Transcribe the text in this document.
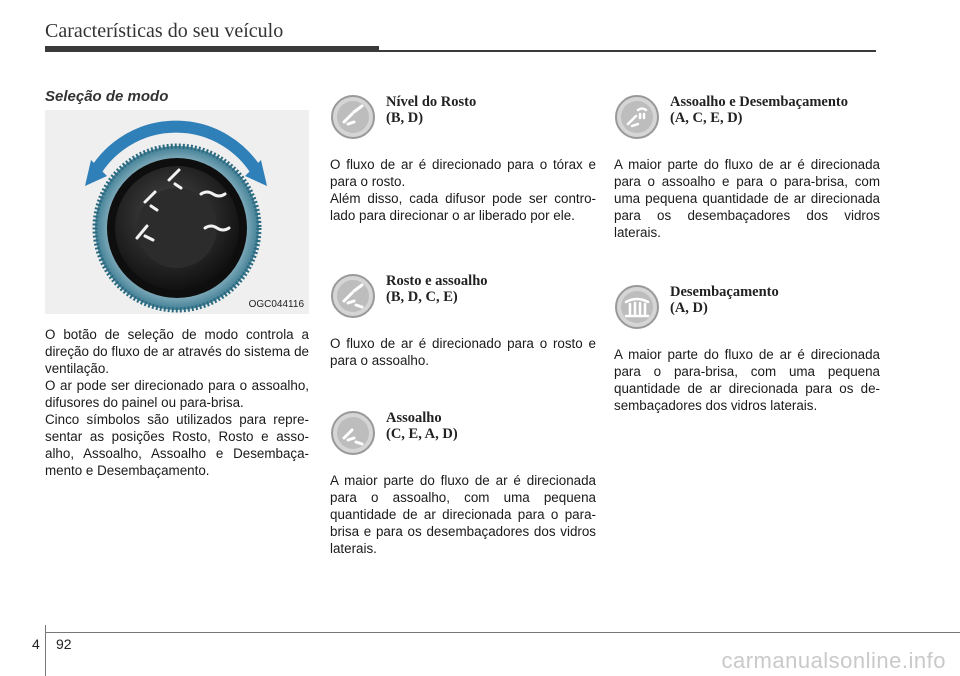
Características do seu veículo
Seleção de modo
OGC044116

O botão de seleção de modo controla a direção do fluxo de ar através do sistema de ventilação.

O ar pode ser direcionado para o assoalho, difusores do painel ou para-brisa.

Cinco símbolos são utilizados para representar as posições Rosto, Rosto e assoalho, Assoalho, Assoalho e Desembaçamento e Desembaçamento.

Nível do Rosto
(B, D)

O fluxo de ar é direcionado para o tórax e para o rosto.

Além disso, cada difusor pode ser controlado para direcionar o ar liberado por ele.

Rosto e assoalho
(B, D, C, E)

O fluxo de ar é direcionado para o rosto e para o assoalho.

Assoalho
(C, E, A, D)

A maior parte do fluxo de ar é direcionada para o assoalho, com uma pequena quantidade de ar direcionada para o para-brisa e para os desembaçadores dos vidros laterais.

Assoalho e Desembaçamento
(A, C, E, D)

A maior parte do fluxo de ar é direcionada para o assoalho e para o para-brisa, com uma pequena quantidade de ar direcionada para os desembaçadores dos vidros laterais.

Desembaçamento
(A, D)

A maior parte do fluxo de ar é direcionada para o para-brisa, com uma pequena quantidade de ar direcionada para os desembaçadores dos vidros laterais.

4 92
carmanualsonline.info
